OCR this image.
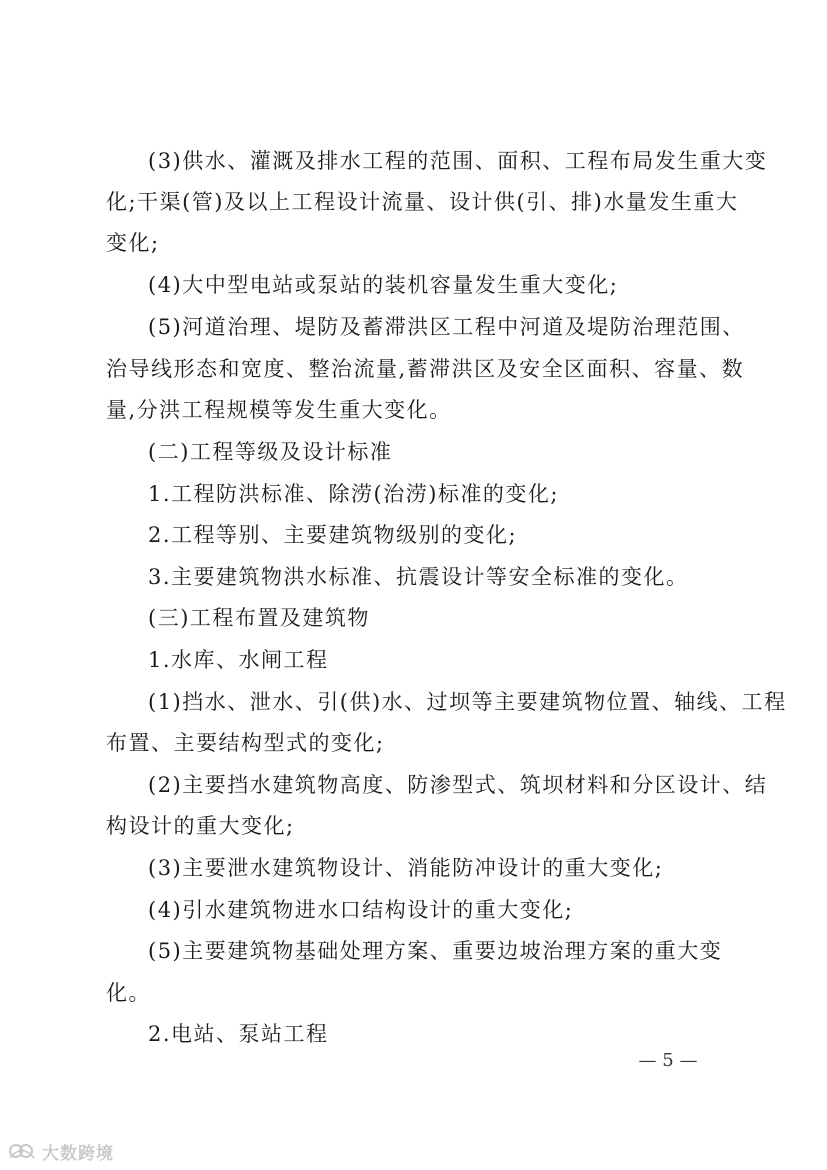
(3)供水、灌溉及排水工程的范围、面积、工程布局发生重大变
化;干渠(管)及以上工程设计流量、设计供(引、排)水量发生重大
变化;
(4)大中型电站或泵站的装机容量发生重大变化;
(5)河道治理、堤防及蓄滞洪区工程中河道及堤防治理范围、
治导线形态和宽度、整治流量,蓄滞洪区及安全区面积、容量、数
量,分洪工程规模等发生重大变化。
(二)工程等级及设计标准
1.工程防洪标准、除涝(治涝)标准的变化;
2.工程等别、主要建筑物级别的变化;
3.主要建筑物洪水标准、抗震设计等安全标准的变化。
(三)工程布置及建筑物
1.水库、水闸工程
(1)挡水、泄水、引(供)水、过坝等主要建筑物位置、轴线、工程
布置、主要结构型式的变化;
(2)主要挡水建筑物高度、防渗型式、筑坝材料和分区设计、结
构设计的重大变化;
(3)主要泄水建筑物设计、消能防冲设计的重大变化;
(4)引水建筑物进水口结构设计的重大变化;
(5)主要建筑物基础处理方案、重要边坡治理方案的重大变
化。
2.电站、泵站工程
— 5 —
大数跨境
